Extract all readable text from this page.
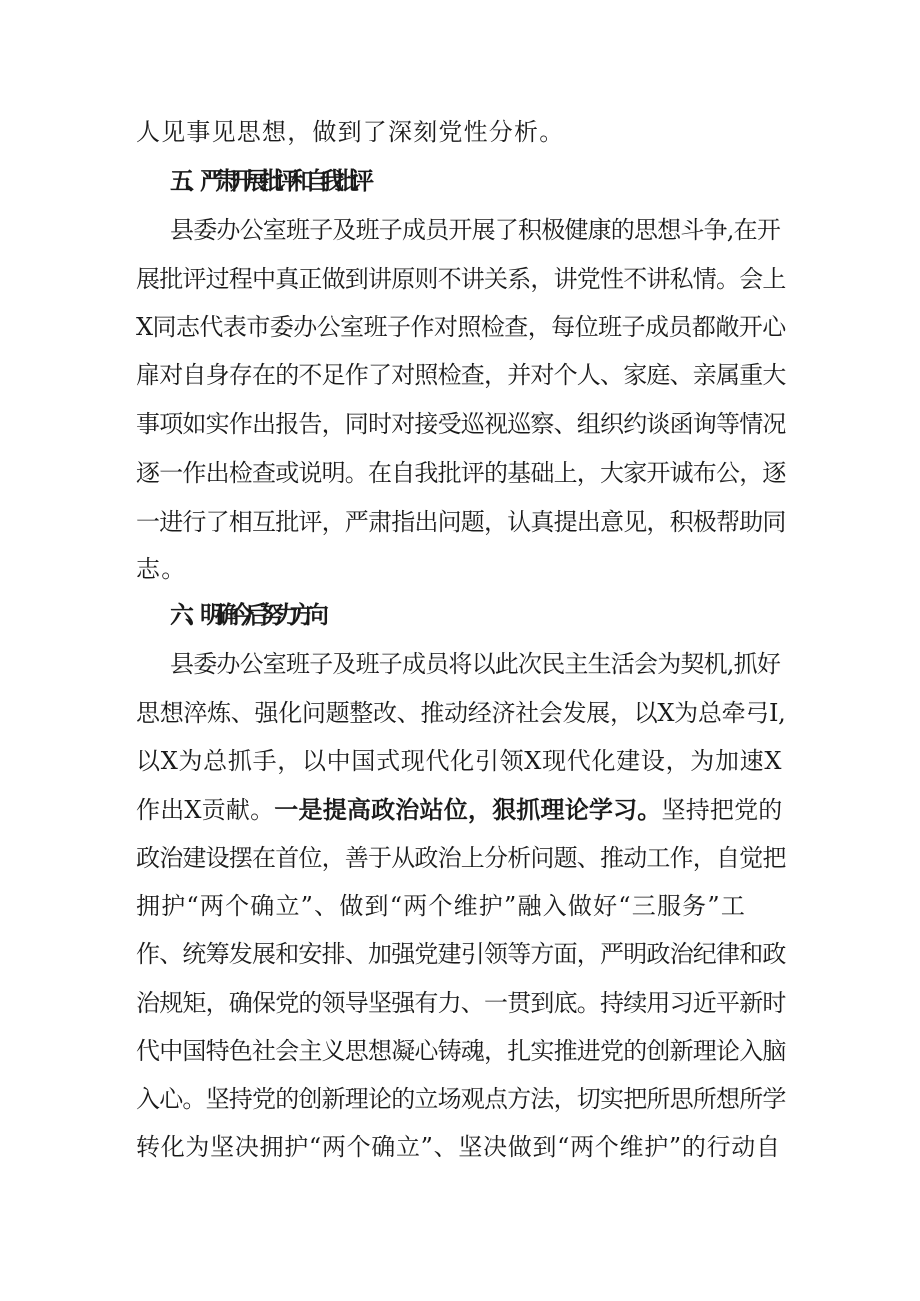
人见事见思想，做到了深刻党性分析。
五、严肃开展批评和自我批评
县委办公室班子及班子成员开展了积极健康的思想斗争,在开
展批评过程中真正做到讲原则不讲关系，讲党性不讲私情。会上
X同志代表市委办公室班子作对照检查，每位班子成员都敞开心
扉对自身存在的不足作了对照检查，并对个人、家庭、亲属重大
事项如实作出报告，同时对接受巡视巡察、组织约谈函询等情况
逐一作出检查或说明。在自我批评的基础上，大家开诚布公，逐
一进行了相互批评，严肃指出问题，认真提出意见，积极帮助同
志。
六、明确今后努力方向
县委办公室班子及班子成员将以此次民主生活会为契机,抓好
思想淬炼、强化问题整改、推动经济社会发展，以X为总牵弓I,
以X为总抓手，以中国式现代化引领X现代化建设，为加速X
作出X贡献。一是提高政治站位，狠抓理论学习。坚持把党的
政治建设摆在首位，善于从政治上分析问题、推动工作，自觉把
拥护“两个确立”、做到“两个维护”融入做好“三服务”工
作、统筹发展和安排、加强党建引领等方面，严明政治纪律和政
治规矩，确保党的领导坚强有力、一贯到底。持续用习近平新时
代中国特色社会主义思想凝心铸魂，扎实推进党的创新理论入脑
入心。坚持党的创新理论的立场观点方法，切实把所思所想所学
转化为坚决拥护“两个确立”、坚决做到“两个维护”的行动自
